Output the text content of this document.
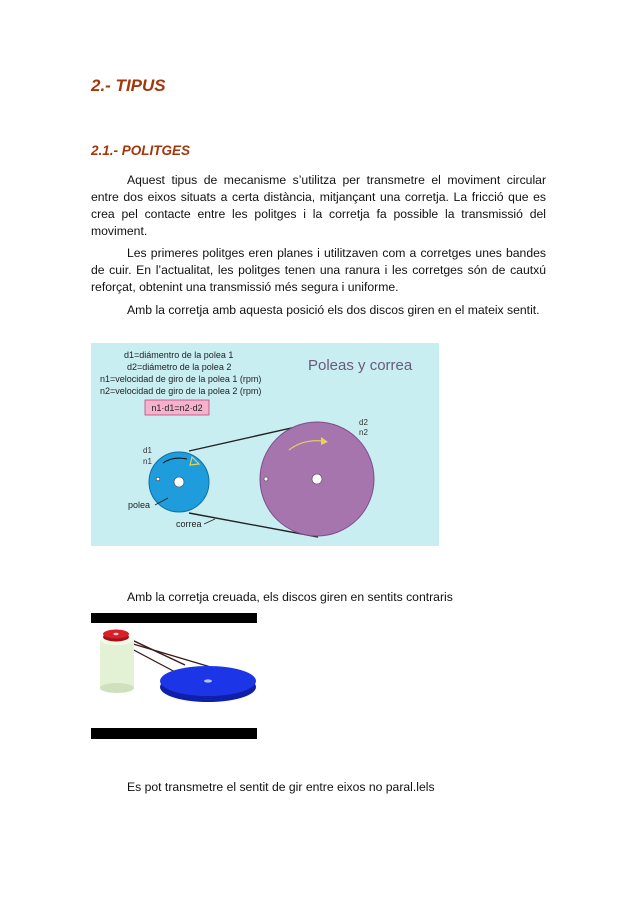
2.- TIPUS
2.1.- POLITGES

Aquest tipus de mecanisme s’utilitza per transmetre el moviment circular entre dos eixos situats a certa distància, mitjançant una corretja. La fricció que es crea pel contacte entre les politges i la corretja fa possible la transmissió del moviment.

Les primeres politges eren planes i utilitzaven com a corretges unes bandes de cuir. En l’actualitat, les politges tenen una ranura i les corretges són de cautxú reforçat, obtenint una transmissió més segura i uniforme.

Amb la corretja amb aquesta posició els dos discos giren en el mateix sentit.

d1=diámentro de la polea 1
d2=diámetro de la polea 2
n1=velocidad de giro de la polea 1 (rpm)
n2=velocidad de giro de la polea 2 (rpm)
n1·d1=n2·d2
Poleas y correa
d2
n2
d1
n1
polea
correa

Amb la corretja creuada, els discos giren en sentits contraris

Es pot transmetre el sentit de gir entre eixos no paral.lels
